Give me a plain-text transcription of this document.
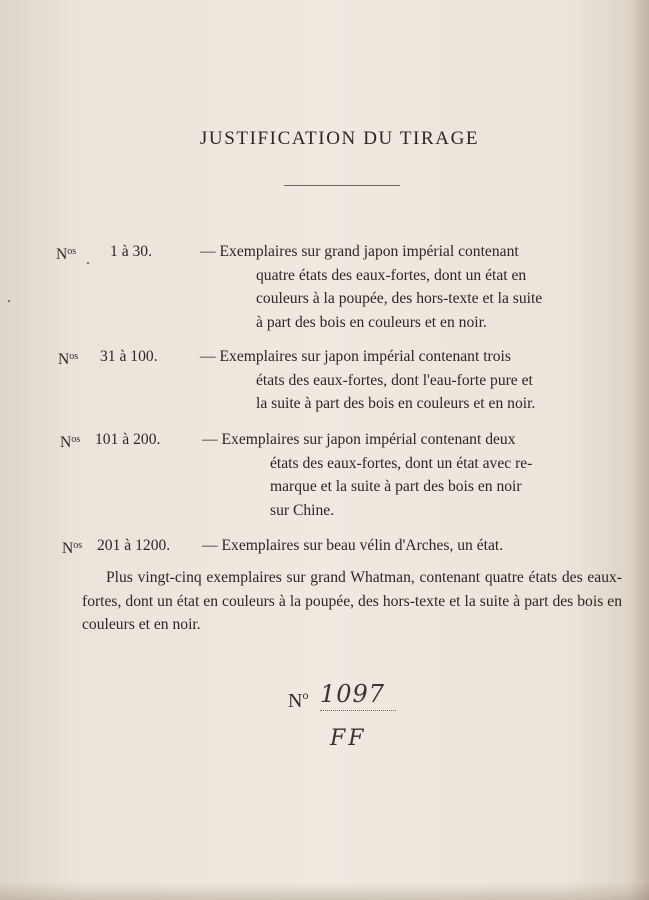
JUSTIFICATION DU TIRAGE
$N^{os}$ 1 à 30.	— Exemplaires sur grand japon impérial contenant
quatre états des eaux-fortes, dont un état en
couleurs à la poupée, des hors-texte et la suite
à part des bois en couleurs et en noir.
$N^{os}$ 31 à 100.	— Exemplaires sur japon impérial contenant trois
états des eaux-fortes, dont l'eau-forte pure et
la suite à part des bois en couleurs et en noir.
$N^{os}$ 101 à 200.	— Exemplaires sur japon impérial contenant deux
états des eaux-fortes, dont un état avec re-
marque et la suite à part des bois en noir
sur Chine.
$N^{os}$ 201 à 1200. — Exemplaires sur beau vélin d'Arches, un état.
Plus vingt-cinq exemplaires sur grand Whatman, contenant quatre états des eaux-fortes, dont un état en couleurs à la poupée, des hors-texte et la suite à part des bois en couleurs et en noir.
$N^o$ 1097
FF
